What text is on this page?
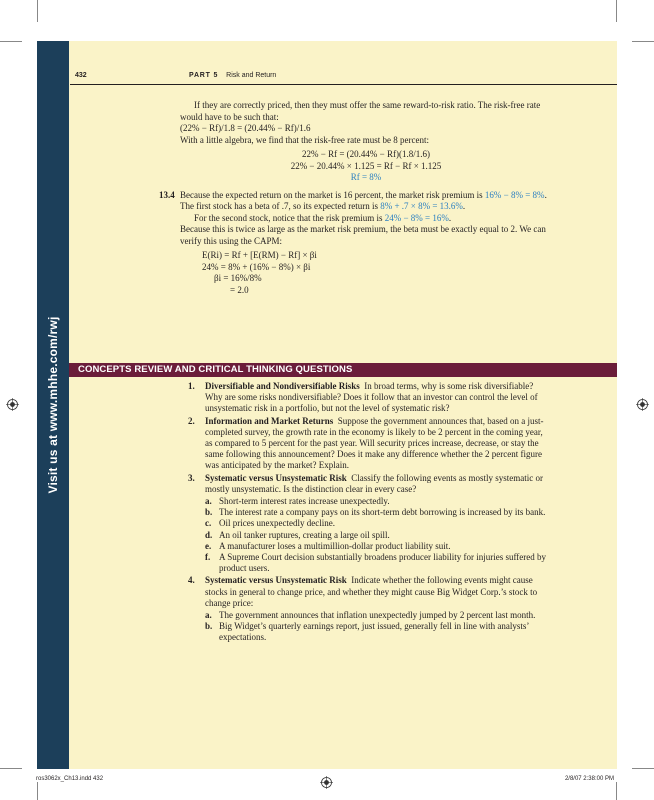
Visit us at www.mhhe.com/rwj
432	PART 5 Risk and Return

If they are correctly priced, then they must offer the same reward-to-risk ratio. The risk-free rate would have to be such that:

(22% − Rf)/1.8 = (20.44% − Rf)/1.6

With a little algebra, we find that the risk-free rate must be 8 percent:

22% − Rf = (20.44% − Rf)(1.8/1.6)

22% − 20.44% × 1.125 = Rf − Rf × 1.125

Rf = 8%

13.4 Because the expected return on the market is 16 percent, the market risk premium is 16% − 8% = 8%. The first stock has a beta of .7, so its expected return is 8% + .7 × 8% = 13.6%.

For the second stock, notice that the risk premium is 24% − 8% = 16%.

Because this is twice as large as the market risk premium, the beta must be exactly equal to 2. We can verify this using the CAPM:

E(Ri) = Rf + [E(RM) − Rf] × βi

24% = 8% + (16% − 8%) × βi

βi = 16%/8%

= 2.0

CONCEPTS REVIEW AND CRITICAL THINKING QUESTIONS
1. Diversifiable and Nondiversifiable Risks In broad terms, why is some risk diversifiable? Why are some risks nondiversifiable? Does it follow that an investor can control the level of unsystematic risk in a portfolio, but not the level of systematic risk?
2. Information and Market Returns Suppose the government announces that, based on a just-completed survey, the growth rate in the economy is likely to be 2 percent in the coming year, as compared to 5 percent for the past year. Will security prices increase, decrease, or stay the same following this announcement? Does it make any difference whether the 2 percent figure was anticipated by the market? Explain.
3. Systematic versus Unsystematic Risk Classify the following events as mostly systematic or mostly unsystematic. Is the distinction clear in every case?
a. Short-term interest rates increase unexpectedly.
b. The interest rate a company pays on its short-term debt borrowing is increased by its bank.
c. Oil prices unexpectedly decline.
d. An oil tanker ruptures, creating a large oil spill.
e. A manufacturer loses a multimillion-dollar product liability suit.
f. A Supreme Court decision substantially broadens producer liability for injuries suffered by product users.
4. Systematic versus Unsystematic Risk Indicate whether the following events might cause stocks in general to change price, and whether they might cause Big Widget Corp.’s stock to change price:
a. The government announces that inflation unexpectedly jumped by 2 percent last month.
b. Big Widget’s quarterly earnings report, just issued, generally fell in line with analysts’ expectations.
ros3062x_Ch13.indd 432	2/8/07 2:38:00 PM
